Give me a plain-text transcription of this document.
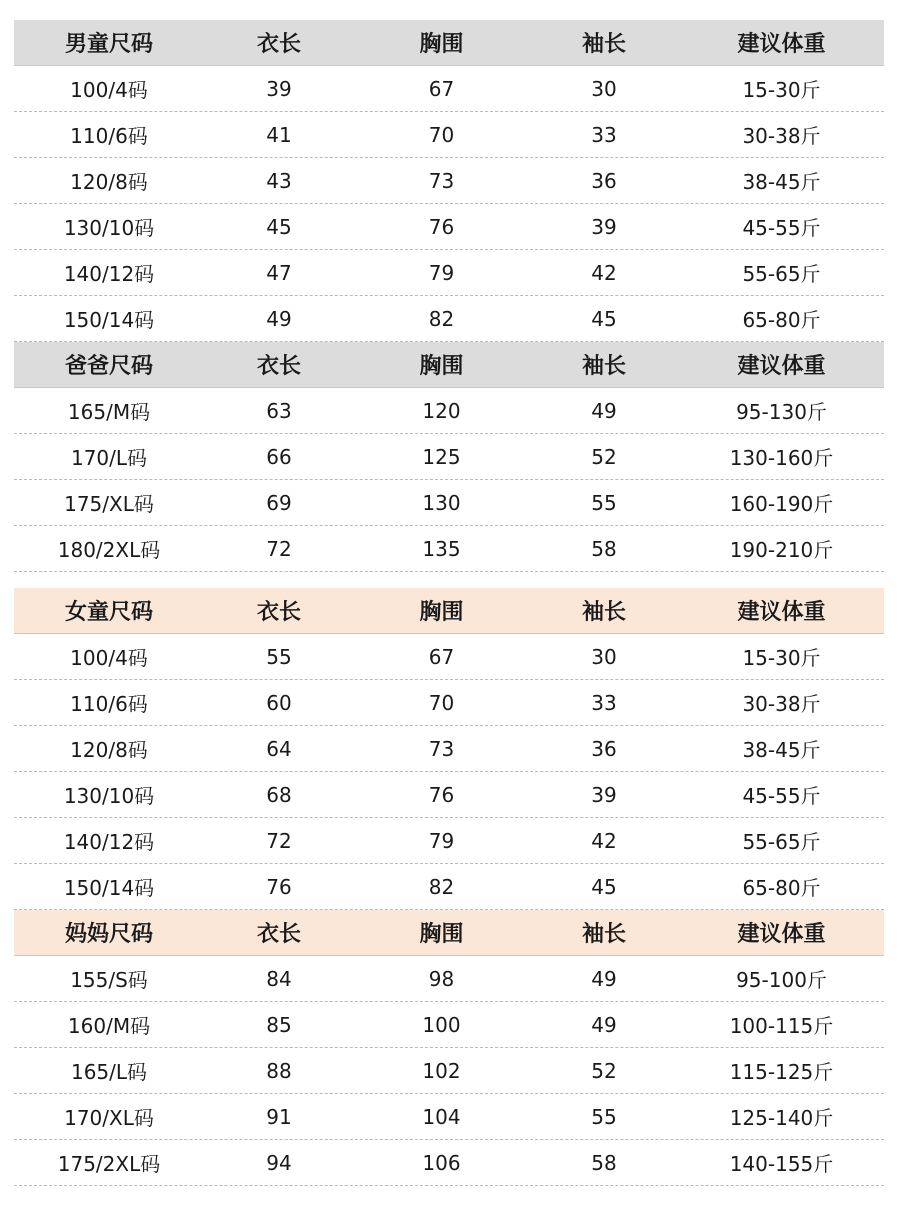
男童尺码	衣长	胸围	袖长	建议体重
100/4码	39	67	30	15-30斤
110/6码	41	70	33	30-38斤
120/8码	43	73	36	38-45斤
130/10码	45	76	39	45-55斤
140/12码	47	79	42	55-65斤
150/14码	49	82	45	65-80斤
爸爸尺码	衣长	胸围	袖长	建议体重
165/M码	63	120	49	95-130斤
170/L码	66	125	52	130-160斤
175/XL码	69	130	55	160-190斤
180/2XL码	72	135	58	190-210斤
女童尺码	衣长	胸围	袖长	建议体重
100/4码	55	67	30	15-30斤
110/6码	60	70	33	30-38斤
120/8码	64	73	36	38-45斤
130/10码	68	76	39	45-55斤
140/12码	72	79	42	55-65斤
150/14码	76	82	45	65-80斤
妈妈尺码	衣长	胸围	袖长	建议体重
155/S码	84	98	49	95-100斤
160/M码	85	100	49	100-115斤
165/L码	88	102	52	115-125斤
170/XL码	91	104	55	125-140斤
175/2XL码	94	106	58	140-155斤
